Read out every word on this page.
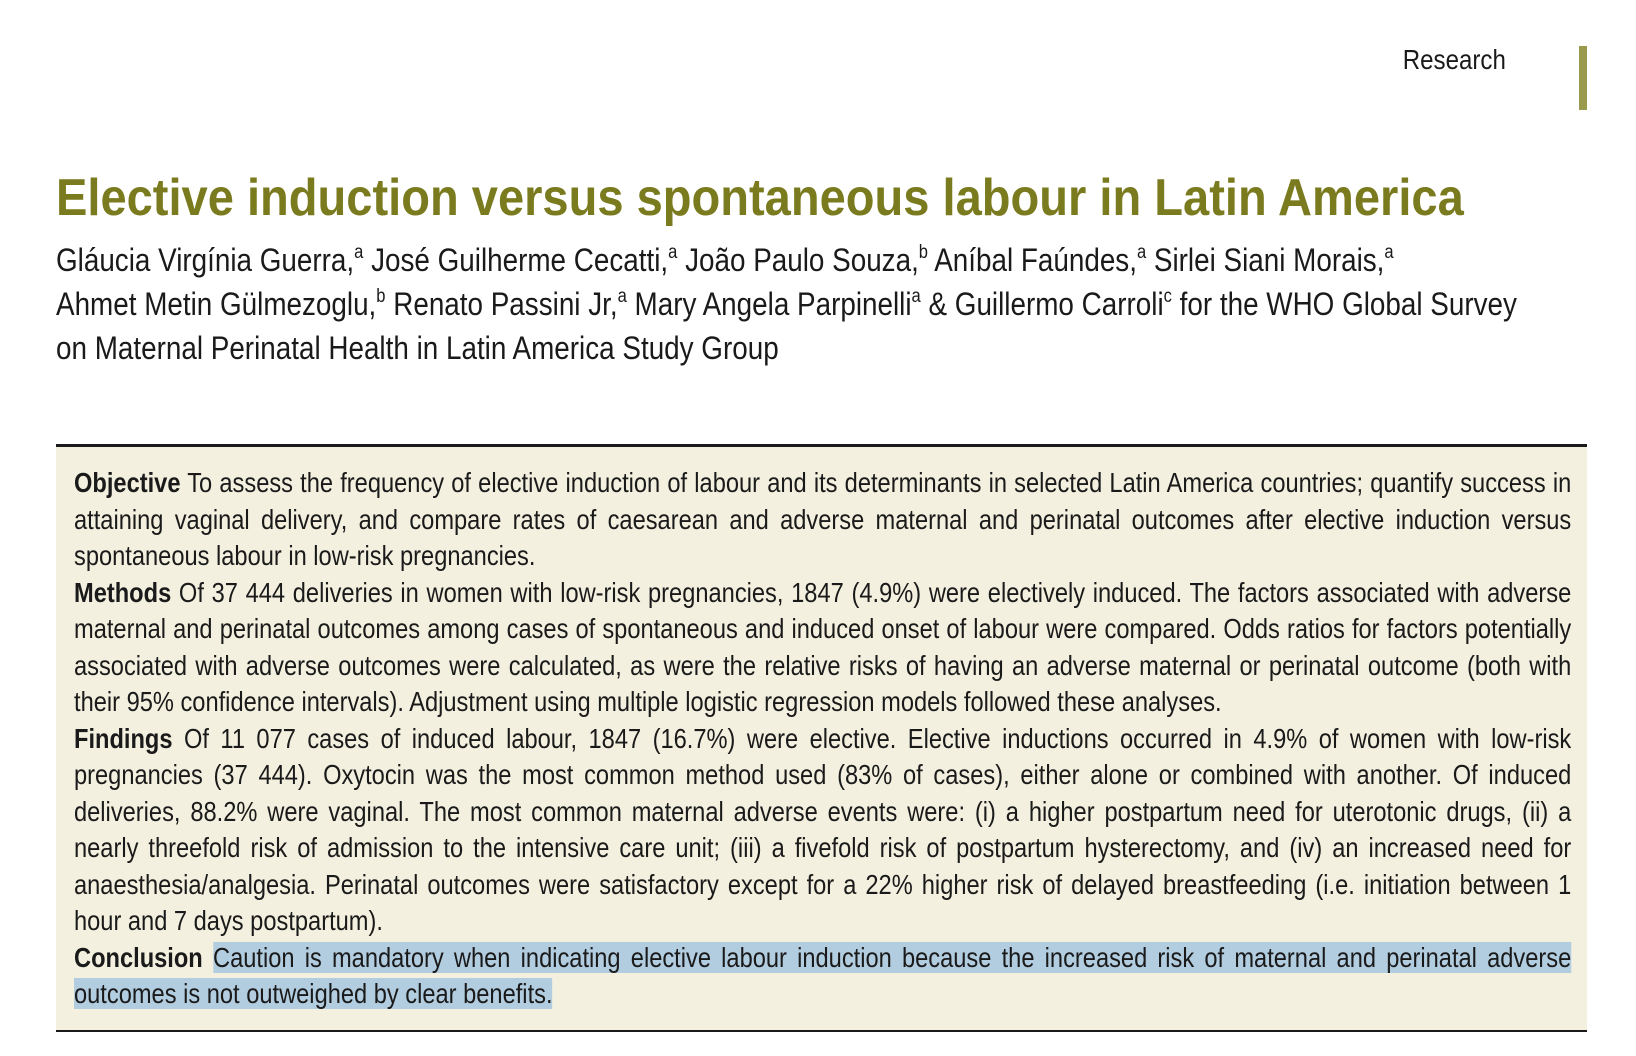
Research
Elective induction versus spontaneous labour in Latin America

Gláucia Virgínia Guerra,$^a$ José Guilherme Cecatti,$^a$ João Paulo Souza,$^b$ Aníbal Faúndes,$^a$ Sirlei Siani Morais,$^a$
Ahmet Metin Gülmezoglu,$^b$ Renato Passini Jr,$^a$ Mary Angela Parpinelli$^a$ & Guillermo Carroli$^c$ for the WHO Global Survey on Maternal Perinatal Health in Latin America Study Group

Objective To assess the frequency of elective induction of labour and its determinants in selected Latin America countries; quantify success in attaining vaginal delivery, and compare rates of caesarean and adverse maternal and perinatal outcomes after elective induction versus spontaneous labour in low-risk pregnancies.

Methods Of 37 444 deliveries in women with low-risk pregnancies, 1847 (4.9%) were electively induced. The factors associated with adverse maternal and perinatal outcomes among cases of spontaneous and induced onset of labour were compared. Odds ratios for factors potentially associated with adverse outcomes were calculated, as were the relative risks of having an adverse maternal or perinatal outcome (both with their 95% confidence intervals). Adjustment using multiple logistic regression models followed these analyses.

Findings Of 11 077 cases of induced labour, 1847 (16.7%) were elective. Elective inductions occurred in 4.9% of women with low-risk pregnancies (37 444). Oxytocin was the most common method used (83% of cases), either alone or combined with another. Of induced deliveries, 88.2% were vaginal. The most common maternal adverse events were: (i) a higher postpartum need for uterotonic drugs, (ii) a nearly threefold risk of admission to the intensive care unit; (iii) a fivefold risk of postpartum hysterectomy, and (iv) an increased need for anaesthesia/analgesia. Perinatal outcomes were satisfactory except for a 22% higher risk of delayed breastfeeding (i.e. initiation between 1 hour and 7 days postpartum).

Conclusion Caution is mandatory when indicating elective labour induction because the increased risk of maternal and perinatal adverse outcomes is not outweighed by clear benefits.
